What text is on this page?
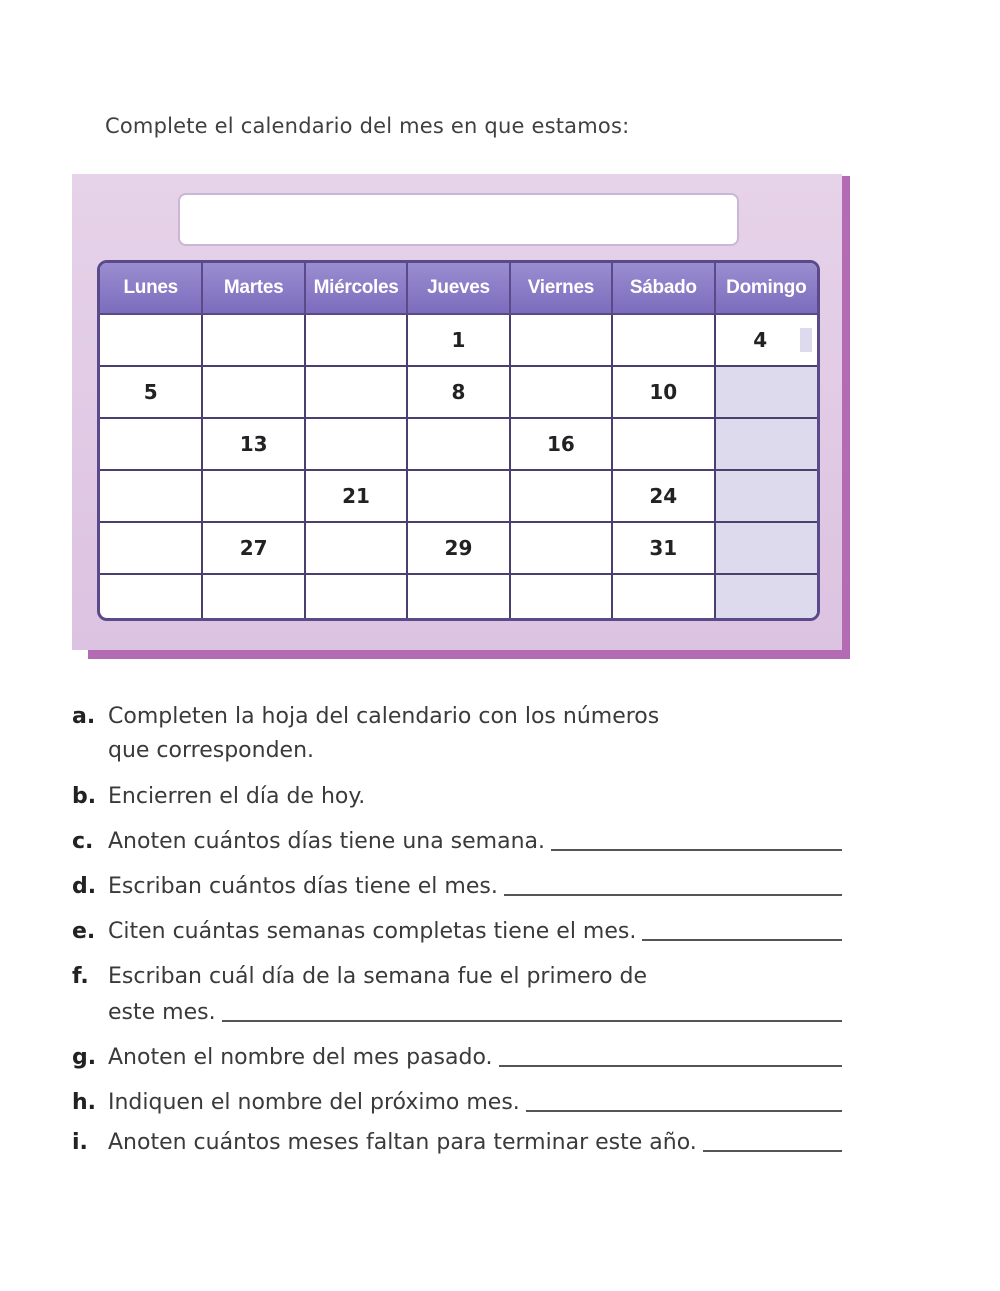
Complete el calendario del mes en que estamos:
Lunes	Martes	Miércoles	Jueves	Viernes	Sábado	Domingo
			1			4
5			8		10	
	13			16		
		21			24	
	27		29		31	

a. Completen la hoja del calendario con los números
que corresponden.
b. Encierren el día de hoy.
c. Anoten cuántos días tiene una semana.
d. Escriban cuántos días tiene el mes.
e. Citen cuántas semanas completas tiene el mes.
f. Escriban cuál día de la semana fue el primero de
este mes.
g. Anoten el nombre del mes pasado.
h. Indiquen el nombre del próximo mes.
i. Anoten cuántos meses faltan para terminar este año.
